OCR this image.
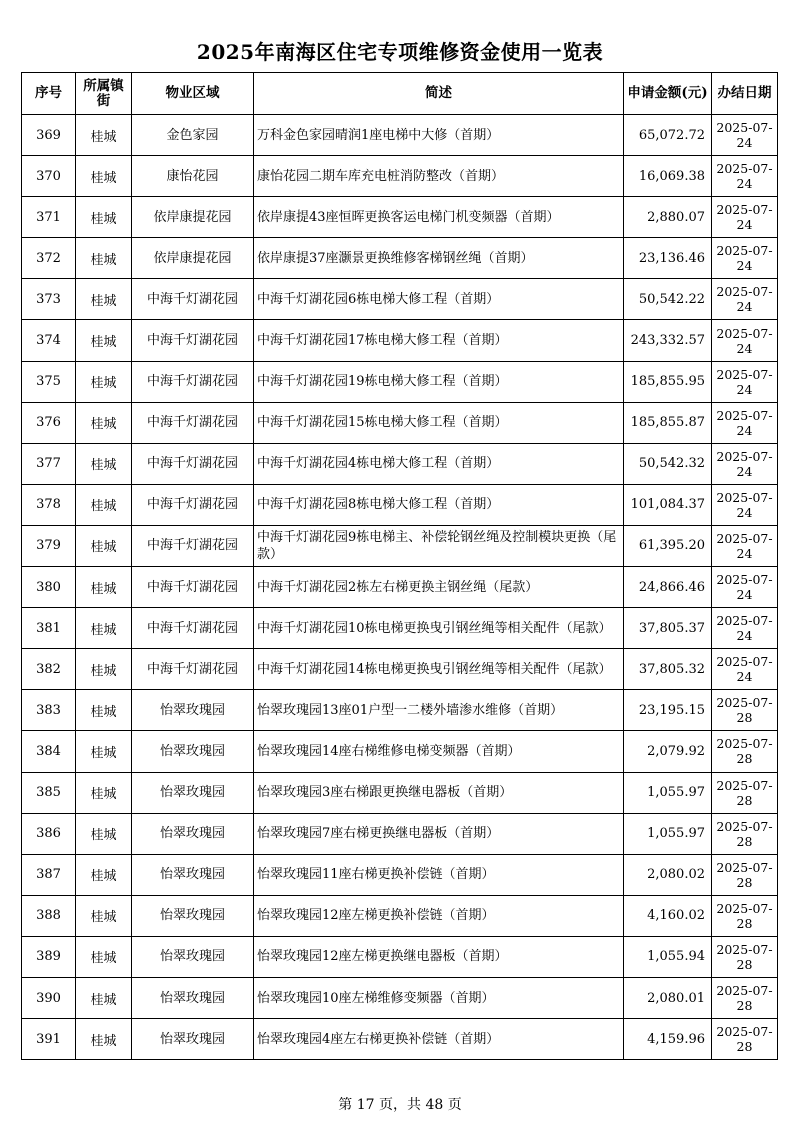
2025年南海区住宅专项维修资金使用一览表
序号	所属镇街	物业区域	简述	申请金额(元)	办结日期
369	桂城	金色家园	万科金色家园晴润1座电梯中大修（首期）	65,072.72	2025-07-24
370	桂城	康怡花园	康怡花园二期车库充电桩消防整改（首期）	16,069.38	2025-07-24
371	桂城	依岸康提花园	依岸康提43座恒晖更换客运电梯门机变频器（首期）	2,880.07	2025-07-24
372	桂城	依岸康提花园	依岸康提37座灏景更换维修客梯钢丝绳（首期）	23,136.46	2025-07-24
373	桂城	中海千灯湖花园	中海千灯湖花园6栋电梯大修工程（首期）	50,542.22	2025-07-24
374	桂城	中海千灯湖花园	中海千灯湖花园17栋电梯大修工程（首期）	243,332.57	2025-07-24
375	桂城	中海千灯湖花园	中海千灯湖花园19栋电梯大修工程（首期）	185,855.95	2025-07-24
376	桂城	中海千灯湖花园	中海千灯湖花园15栋电梯大修工程（首期）	185,855.87	2025-07-24
377	桂城	中海千灯湖花园	中海千灯湖花园4栋电梯大修工程（首期）	50,542.32	2025-07-24
378	桂城	中海千灯湖花园	中海千灯湖花园8栋电梯大修工程（首期）	101,084.37	2025-07-24
379	桂城	中海千灯湖花园	中海千灯湖花园9栋电梯主、补偿轮钢丝绳及控制模块更换（尾款）	61,395.20	2025-07-24
380	桂城	中海千灯湖花园	中海千灯湖花园2栋左右梯更换主钢丝绳（尾款）	24,866.46	2025-07-24
381	桂城	中海千灯湖花园	中海千灯湖花园10栋电梯更换曳引钢丝绳等相关配件（尾款）	37,805.37	2025-07-24
382	桂城	中海千灯湖花园	中海千灯湖花园14栋电梯更换曳引钢丝绳等相关配件（尾款）	37,805.32	2025-07-24
383	桂城	怡翠玫瑰园	怡翠玫瑰园13座01户型一二楼外墙渗水维修（首期）	23,195.15	2025-07-28
384	桂城	怡翠玫瑰园	怡翠玫瑰园14座右梯维修电梯变频器（首期）	2,079.92	2025-07-28
385	桂城	怡翠玫瑰园	怡翠玫瑰园3座右梯跟更换继电器板（首期）	1,055.97	2025-07-28
386	桂城	怡翠玫瑰园	怡翠玫瑰园7座右梯更换继电器板（首期）	1,055.97	2025-07-28
387	桂城	怡翠玫瑰园	怡翠玫瑰园11座右梯更换补偿链（首期）	2,080.02	2025-07-28
388	桂城	怡翠玫瑰园	怡翠玫瑰园12座左梯更换补偿链（首期）	4,160.02	2025-07-28
389	桂城	怡翠玫瑰园	怡翠玫瑰园12座左梯更换继电器板（首期）	1,055.94	2025-07-28
390	桂城	怡翠玫瑰园	怡翠玫瑰园10座左梯维修变频器（首期）	2,080.01	2025-07-28
391	桂城	怡翠玫瑰园	怡翠玫瑰园4座左右梯更换补偿链（首期）	4,159.96	2025-07-28
第 17 页，共 48 页
